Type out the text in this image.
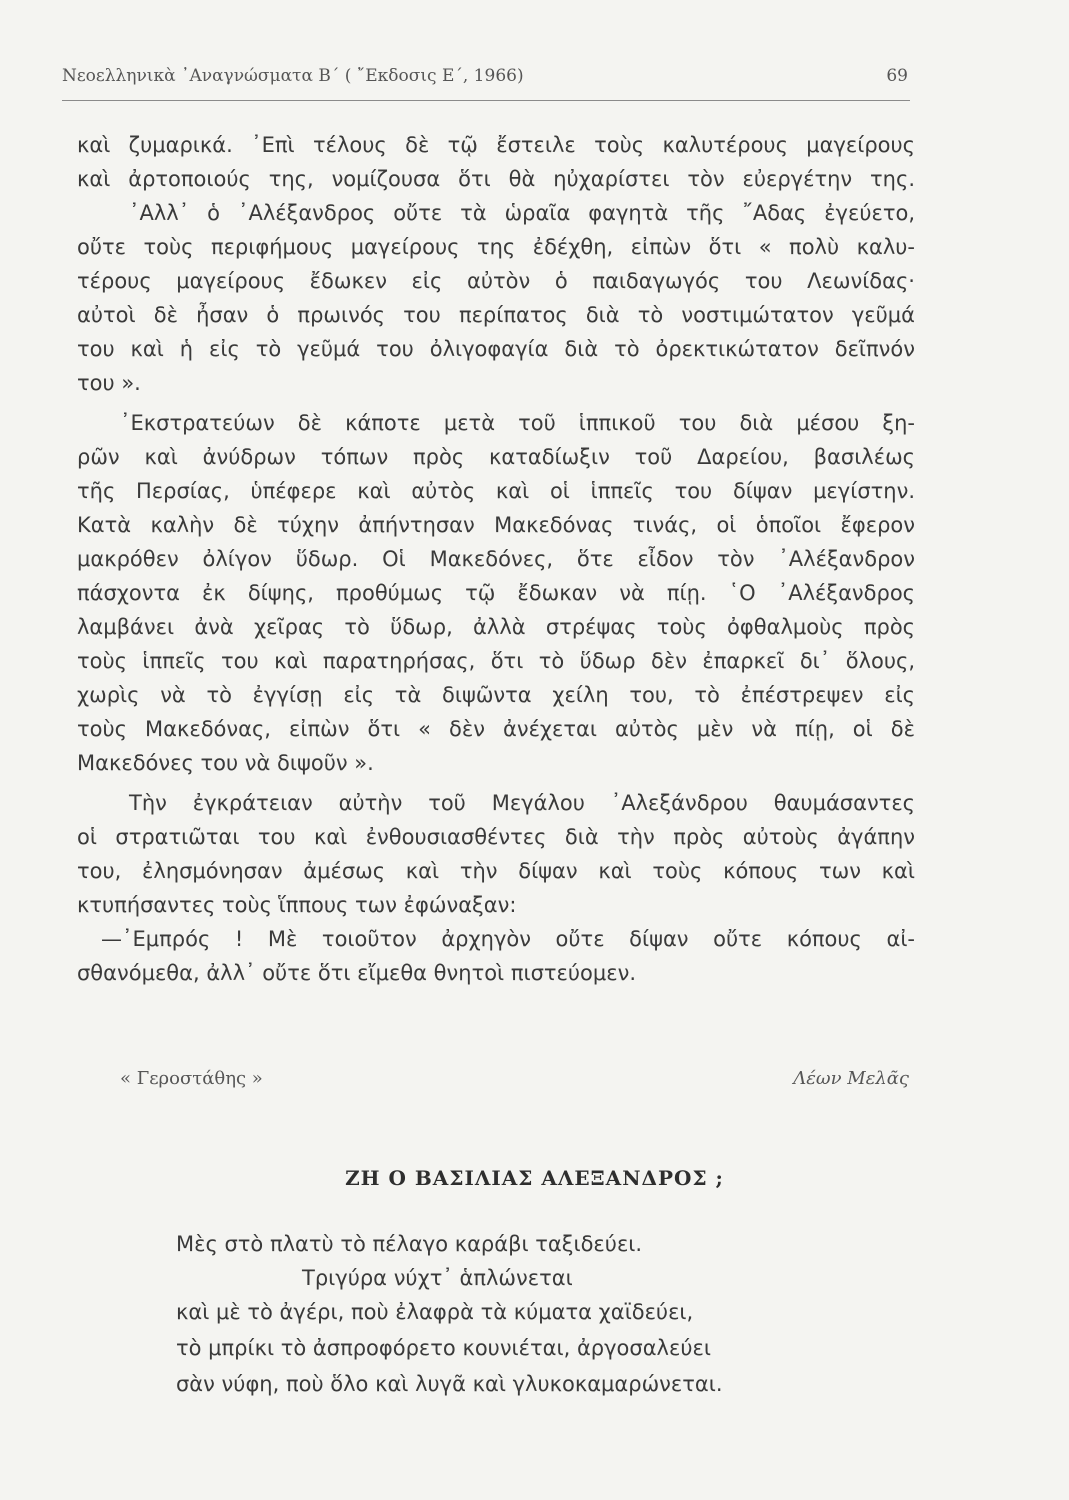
Νεοελληνικὰ ᾿Αναγνώσματα Β΄ ( ῎Εκδοσις Ε΄, 1966)	69
καὶ ζυμαρικά. ᾿Επὶ τέλους δὲ τῷ ἔστειλε τοὺς καλυτέρους μαγείρους
καὶ ἀρτοποιούς της, νομίζουσα ὅτι θὰ ηὐχαρίστει τὸν εὐεργέτην της.
᾿Αλλ᾿ ὁ ᾿Αλέξανδρος οὔτε τὰ ὡραῖα φαγητὰ τῆς ῎Αδας ἐγεύετο,
οὔτε τοὺς περιφήμους μαγείρους της ἐδέχθη, εἰπὼν ὅτι « πολὺ καλυ-
τέρους μαγείρους ἔδωκεν εἰς αὐτὸν ὁ παιδαγωγός του Λεωνίδας·
αὐτοὶ δὲ ἦσαν ὁ πρωινός του περίπατος διὰ τὸ νοστιμώτατον γεῦμά
του καὶ ἡ εἰς τὸ γεῦμά του ὀλιγοφαγία διὰ τὸ ὀρεκτικώτατον δεῖπνόν
του ».
᾿Εκστρατεύων δὲ κάποτε μετὰ τοῦ ἱππικοῦ του διὰ μέσου ξη-
ρῶν καὶ ἀνύδρων τόπων πρὸς καταδίωξιν τοῦ Δαρείου, βασιλέως
τῆς Περσίας, ὑπέφερε καὶ αὐτὸς καὶ οἱ ἱππεῖς του δίψαν μεγίστην.
Κατὰ καλὴν δὲ τύχην ἀπήντησαν Μακεδόνας τινάς, οἱ ὁποῖοι ἔφερον
μακρόθεν ὀλίγον ὕδωρ. Οἱ Μακεδόνες, ὅτε εἶδον τὸν ᾿Αλέξανδρον
πάσχοντα ἐκ δίψης, προθύμως τῷ ἔδωκαν νὰ πίῃ. ῾Ο ᾿Αλέξανδρος
λαμβάνει ἀνὰ χεῖρας τὸ ὕδωρ, ἀλλὰ στρέψας τοὺς ὀφθαλμοὺς πρὸς
τοὺς ἱππεῖς του καὶ παρατηρήσας, ὅτι τὸ ὕδωρ δὲν ἐπαρκεῖ δι᾿ ὅλους,
χωρὶς νὰ τὸ ἐγγίσῃ εἰς τὰ διψῶντα χείλη του, τὸ ἐπέστρεψεν εἰς
τοὺς Μακεδόνας, εἰπὼν ὅτι « δὲν ἀνέχεται αὐτὸς μὲν νὰ πίῃ, οἱ δὲ
Μακεδόνες του νὰ διψοῦν ».
Τὴν ἐγκράτειαν αὐτὴν τοῦ Μεγάλου ᾿Αλεξάνδρου θαυμάσαντες
οἱ στρατιῶται του καὶ ἐνθουσιασθέντες διὰ τὴν πρὸς αὐτοὺς ἀγάπην
του, ἐλησμόνησαν ἀμέσως καὶ τὴν δίψαν καὶ τοὺς κόπους των καὶ
κτυπήσαντες τοὺς ἵππους των ἐφώναξαν:
—᾿Εμπρός ! Μὲ τοιοῦτον ἀρχηγὸν οὔτε δίψαν οὔτε κόπους αἰ-
σθανόμεθα, ἀλλ᾿ οὔτε ὅτι εἴμεθα θνητοὶ πιστεύομεν.
« Γεροστάθης »	Λέων Μελᾶς
ΖΗ Ο ΒΑΣΙΛΙΑΣ ΑΛΕΞΑΝΔΡΟΣ ;
Μὲς στὸ πλατὺ τὸ πέλαγο καράβι ταξιδεύει.
Τριγύρα νύχτ᾿ ἁπλώνεται
καὶ μὲ τὸ ἀγέρι, ποὺ ἐλαφρὰ τὰ κύματα χαϊδεύει,
τὸ μπρίκι τὸ ἀσπροφόρετο κουνιέται, ἀργοσαλεύει
σὰν νύφη, ποὺ ὅλο καὶ λυγᾶ καὶ γλυκοκαμαρώνεται.
